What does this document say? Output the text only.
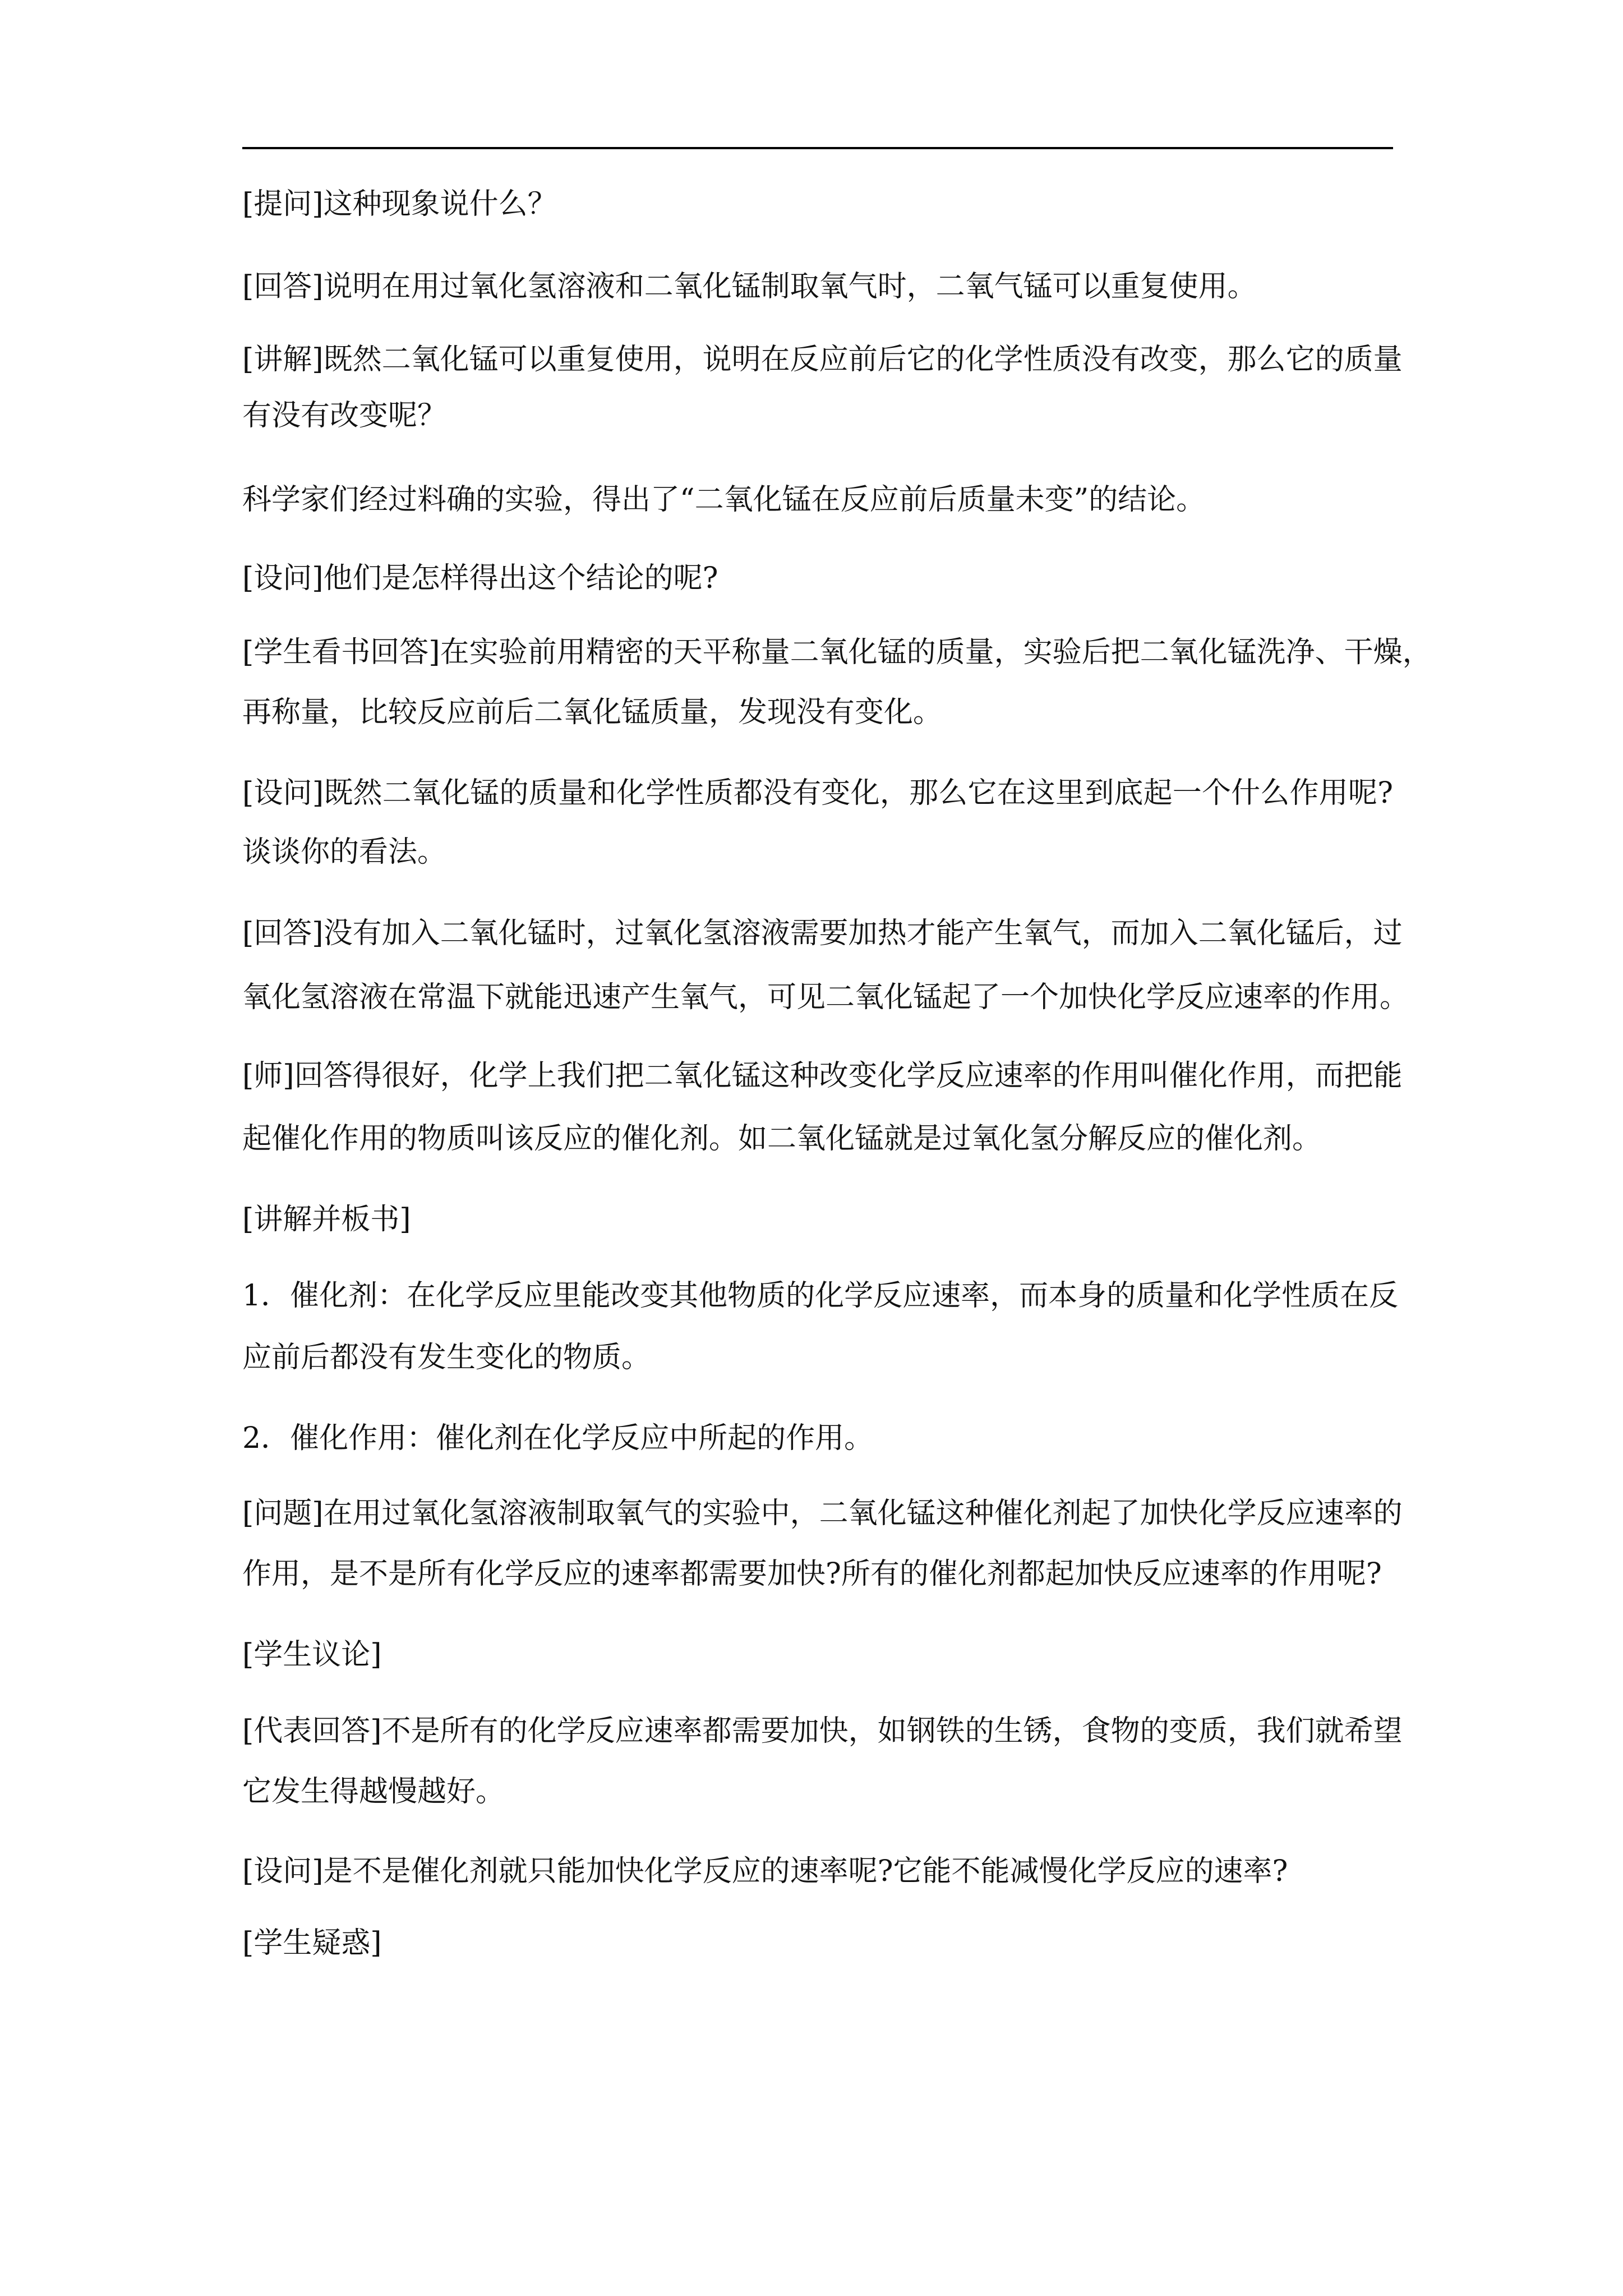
[提问]这种现象说什么？

[回答]说明在用过氧化氢溶液和二氧化锰制取氧气时，二氧气锰可以重复使用。

[讲解]既然二氧化锰可以重复使用，说明在反应前后它的化学性质没有改变，那么它的质量

有没有改变呢？

科学家们经过料确的实验，得出了“二氧化锰在反应前后质量未变”的结论。

[设问]他们是怎样得出这个结论的呢?

[学生看书回答]在实验前用精密的天平称量二氧化锰的质量，实验后把二氧化锰洗净、干燥，

再称量，比较反应前后二氧化锰质量，发现没有变化。

[设问]既然二氧化锰的质量和化学性质都没有变化，那么它在这里到底起一个什么作用呢?

谈谈你的看法。

[回答]没有加入二氧化锰时，过氧化氢溶液需要加热才能产生氧气，而加入二氧化锰后，过

氧化氢溶液在常温下就能迅速产生氧气，可见二氧化锰起了一个加快化学反应速率的作用。

[师]回答得很好，化学上我们把二氧化锰这种改变化学反应速率的作用叫催化作用，而把能

起催化作用的物质叫该反应的催化剂。如二氧化锰就是过氧化氢分解反应的催化剂。

[讲解并板书]

1．催化剂：在化学反应里能改变其他物质的化学反应速率，而本身的质量和化学性质在反

应前后都没有发生变化的物质。

2．催化作用：催化剂在化学反应中所起的作用。

[问题]在用过氧化氢溶液制取氧气的实验中，二氧化锰这种催化剂起了加快化学反应速率的

作用，是不是所有化学反应的速率都需要加快?所有的催化剂都起加快反应速率的作用呢?

[学生议论]

[代表回答]不是所有的化学反应速率都需要加快，如钢铁的生锈，食物的变质，我们就希望

它发生得越慢越好。

[设问]是不是催化剂就只能加快化学反应的速率呢?它能不能减慢化学反应的速率?

[学生疑惑]
